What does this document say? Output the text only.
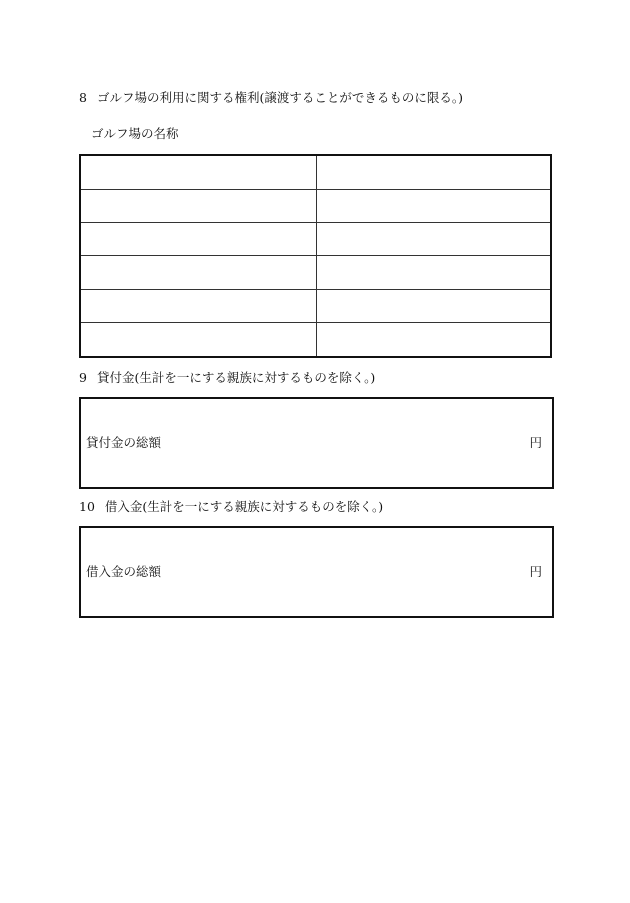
8 ゴルフ場の利用に関する権利(譲渡することができるものに限る。)
ゴルフ場の名称

9 貸付金(生計を一にする親族に対するものを除く。)
貸付金の総額	円
10 借入金(生計を一にする親族に対するものを除く。)
借入金の総額	円
